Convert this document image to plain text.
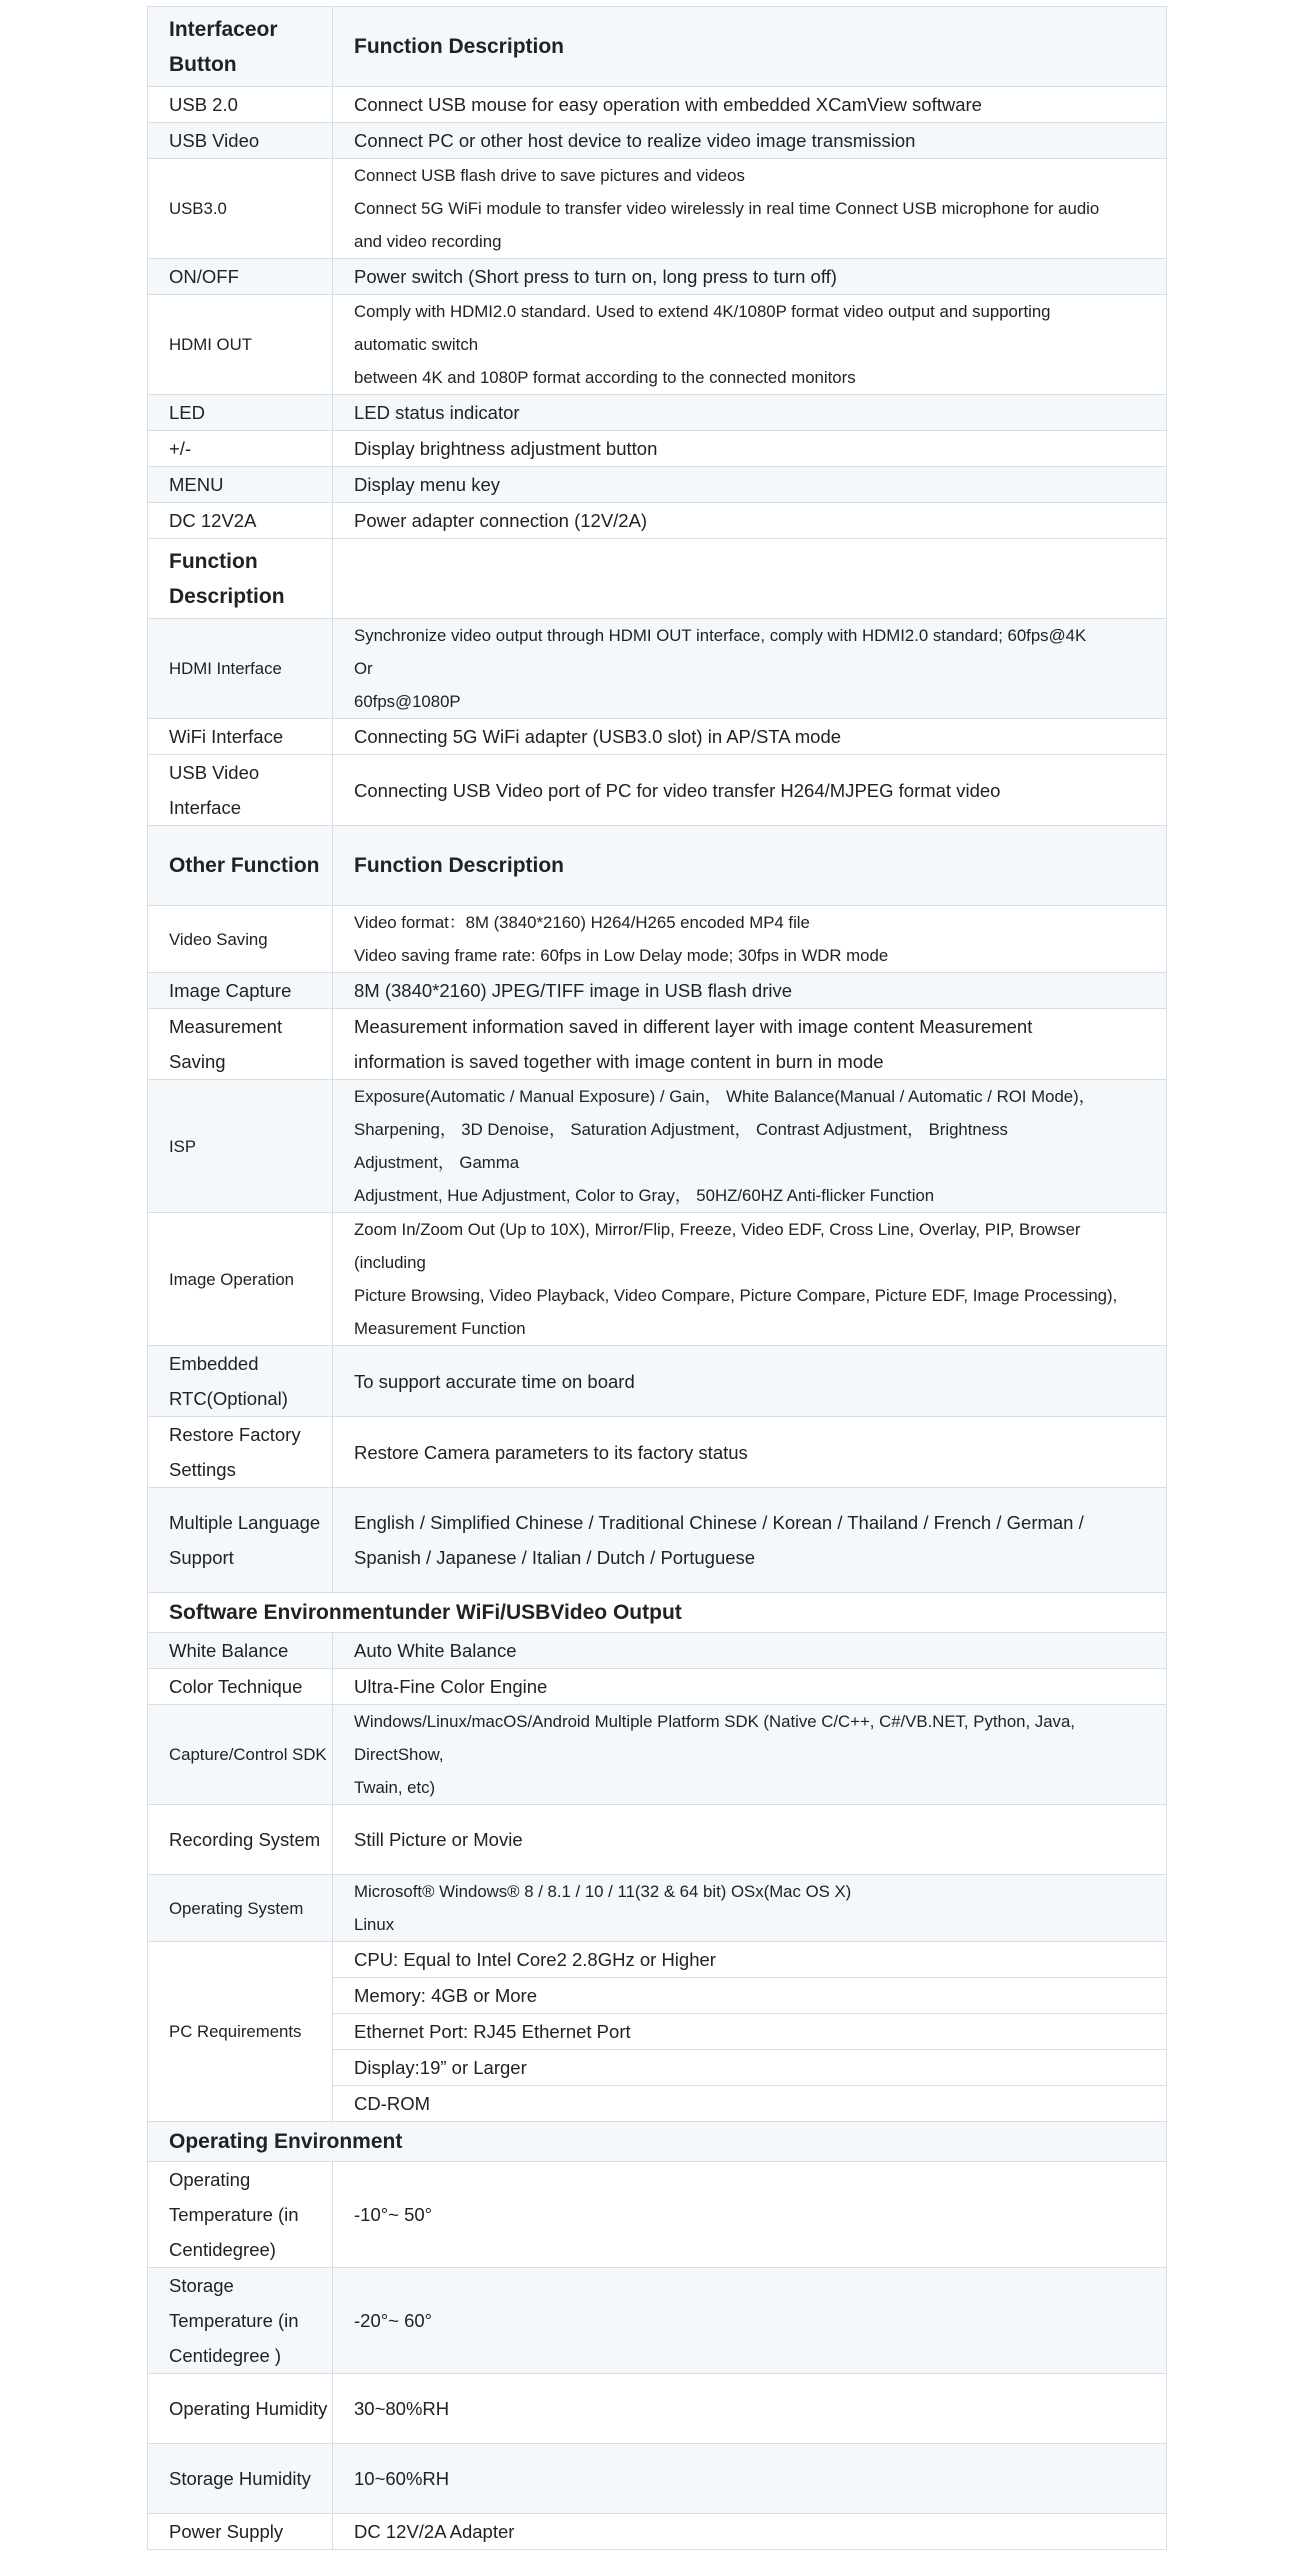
Interfaceor Button	Function Description
USB 2.0	Connect USB mouse for easy operation with embedded XCamView software
USB Video	Connect PC or other host device to realize video image transmission
USB3.0	Connect USB flash drive to save pictures and videos
Connect 5G WiFi module to transfer video wirelessly in real time Connect USB microphone for audio
and video recording

ON/OFF	Power switch (Short press to turn on, long press to turn off)
HDMI OUT	Comply with HDMI2.0 standard. Used to extend 4K/1080P format video output and supporting
automatic switch
between 4K and 1080P format according to the connected monitors

LED	LED status indicator
+/-	Display brightness adjustment button
MENU	Display menu key
DC 12V2A	Power adapter connection (12V/2A)
Function Description	
HDMI Interface	Synchronize video output through HDMI OUT interface, comply with HDMI2.0 standard; 60fps@4K
Or
60fps@1080P

WiFi Interface	Connecting 5G WiFi adapter (USB3.0 slot) in AP/STA mode
USB Video Interface	Connecting USB Video port of PC for video transfer H264/MJPEG format video
Other Function	Function Description
Video Saving	Video format：8M (3840*2160) H264/H265 encoded MP4 file
Video saving frame rate: 60fps in Low Delay mode; 30fps in WDR mode

Image Capture	8M (3840*2160) JPEG/TIFF image in USB flash drive
Measurement Saving	Measurement information saved in different layer with image content Measurement
information is saved together with image content in burn in mode

ISP	Exposure(Automatic / Manual Exposure) / Gain， White Balance(Manual / Automatic / ROI Mode)，
Sharpening， 3D Denoise， Saturation Adjustment， Contrast Adjustment， Brightness
Adjustment， Gamma
Adjustment, Hue Adjustment, Color to Gray， 50HZ/60HZ Anti-flicker Function

Image Operation	Zoom In/Zoom Out (Up to 10X), Mirror/Flip, Freeze, Video EDF, Cross Line, Overlay, PIP, Browser
(including
Picture Browsing, Video Playback, Video Compare, Picture Compare, Picture EDF, Image Processing),
Measurement Function

Embedded RTC(Optional)	To support accurate time on board
Restore Factory Settings	Restore Camera parameters to its factory status
Multiple Language Support	English / Simplified Chinese / Traditional Chinese / Korean / Thailand / French / German /
Spanish / Japanese / Italian / Dutch / Portuguese

Software Environmentunder WiFi/USBVideo Output	
White Balance	Auto White Balance
Color Technique	Ultra-Fine Color Engine
Capture/Control SDK	Windows/Linux/macOS/Android Multiple Platform SDK (Native C/C++, C#/VB.NET, Python, Java,
DirectShow,
Twain, etc)

Recording System	Still Picture or Movie
Operating System	Microsoft® Windows® 8 / 8.1 / 10 / 11(32 & 64 bit) OSx(Mac OS X)
Linux

PC Requirements	CPU: Equal to Intel Core2 2.8GHz or Higher
	Memory: 4GB or More
	Ethernet Port: RJ45 Ethernet Port
	Display:19” or Larger
	CD-ROM
Operating Environment	
Operating Temperature (in Centidegree)	-10°~ 50°
Storage Temperature (in Centidegree )	-20°~ 60°
Operating Humidity	30~80%RH
Storage Humidity	10~60%RH
Power Supply	DC 12V/2A Adapter
